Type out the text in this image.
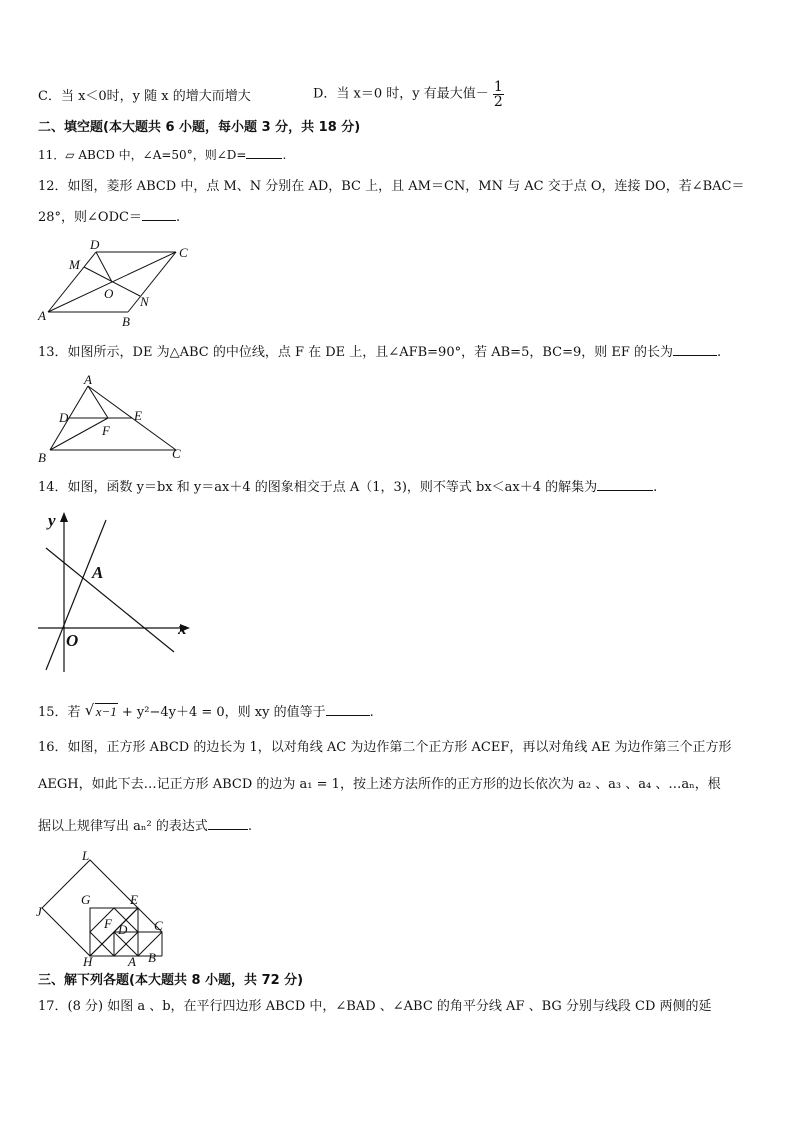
C．当 x＜0时，y 随 x 的增大而增大	D．当 x＝0 时，y 有最大值－ $\frac{1}{2}$
二、填空题(本大题共 6 小题，每小题 3 分，共 18 分)
11．▱ ABCD 中，∠A=50°，则∠D=	.
12．如图，菱形 ABCD 中，点 M、N 分别在 AD，BC 上，且 AM＝CN，MN 与 AC 交于点 O，连接 DO，若∠BAC＝
28°，则∠ODC＝	.
D
C
M
O
N
A	B
13．如图所示，DE 为△ABC 的中位线，点 F 在 DE 上，且∠AFB=90°，若 AB=5，BC=9，则 EF 的长为	.
A
D	E
F
B	C
14．如图，函数 y＝bx 和 y＝ax＋4 的图象相交于点 A（1，3)，则不等式 bx＜ax＋4 的解集为	.
y
x
A
O
15．若 √ x−1 + y²−4y＋4 = 0，则 xy 的值等于	.
16．如图，正方形 ABCD 的边长为 1，以对角线 AC 为边作第二个正方形 ACEF，再以对角线 AE 为边作第三个正方形
AEGH，如此下去…记正方形 ABCD 的边为 a₁ = 1，按上述方法所作的正方形的边长依次为 a₂ 、a₃ 、a₄ 、…aₙ，根
据以上规律写出 aₙ² 的表达式	.
L
G	E
J
F D C
H	A B
三、解下列各题(本大题共 8 小题，共 72 分)
17．(8 分) 如图 a 、b，在平行四边形 ABCD 中，∠BAD 、∠ABC 的角平分线 AF 、BG 分别与线段 CD 两侧的延
